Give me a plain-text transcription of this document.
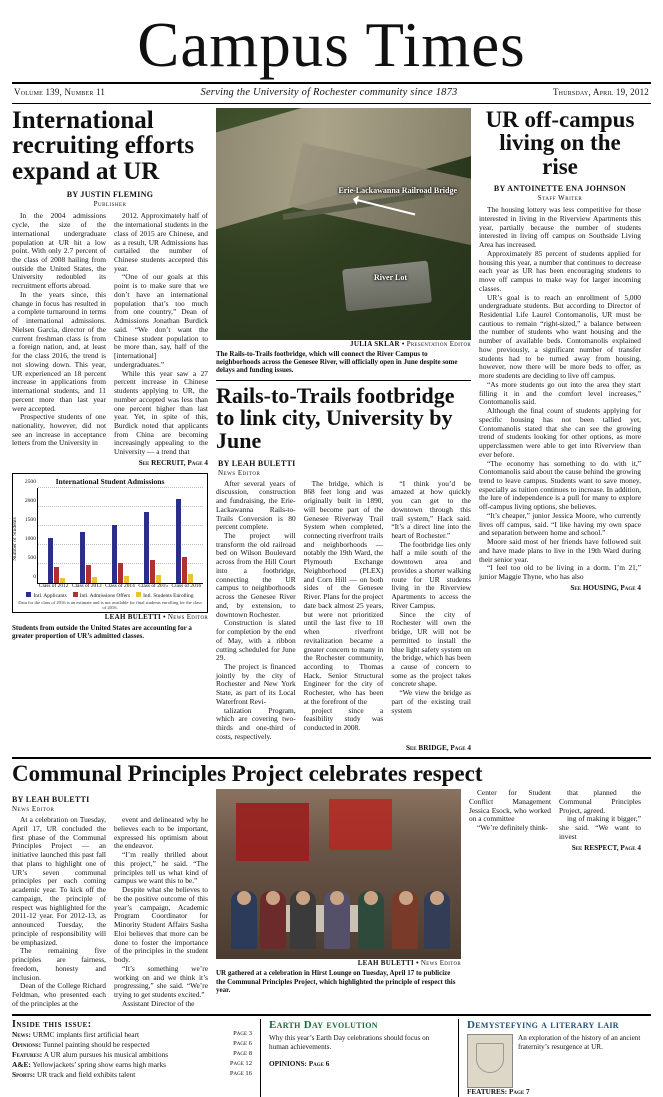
Campus Times
Volume 139, Number 11	Serving the University of Rochester community since 1873	Thursday, April 19, 2012
International recruiting efforts expand at UR
BY JUSTIN FLEMING
Publisher

In the 2004 admissions cycle, the size of the international undergraduate population at UR hit a low point. With only 2.7 percent of the class of 2008 hailing from outside the United States, the University redoubled its recruitment efforts abroad.

In the years since, this change in focus has resulted in a complete turnaround in terms of international admissions. Nielsen Garcia, director of the current freshman class is from a foreign nation, and, at least for the class 2016, the trend is not slowing down. This year, UR experienced an 18 percent increase in applications from international students, and 11 percent more than last year were accepted.

Prospective students of one nationality, however, did not see an increase in acceptance letters from the University in

2012. Approximately half of the international students in the class of 2015 are Chinese, and as a result, UR Admissions has curtailed the number of Chinese students accepted this year.

“One of our goals at this point is to make sure that we don’t have an international population that’s too much from one country,” Dean of Admissions Jonathan Burdick said. “We don’t want the Chinese student population to be more than, say, half of the [international] undergraduates.”

While this year saw a 27 percent increase in Chinese students applying to UR, the number accepted was less than one percent higher than last year. Yet, in spite of this, Burdick noted that applicants from China are becoming increasingly appealing to the University — a trend that

See RECRUIT, Page 4
International Student Admissions
0
500
1000
1500
2000
2500
Number of Students
Class of 2012 Class of 2013 Class of 2014 Class of 2015 Class of 2016
Intl. Applicants	Intl. Admissions Offers	Intl. Students Enrolling
Data for the class of 2016 is an estimate and is not available for final students enrolling for the class of 2016.
LEAH BULETTI • News Editor
Students from outside the United States are accounting for a greater proportion of UR’s admitted classes.
Erie-Lackawanna Railroad Bridge
River Lot
JULIA SKLAR • Presentation Editor
The Rails-to-Trails footbridge, which will connect the River Campus to neighborhoods across the Genesee River, will officially open in June despite some delays and funding issues.
Rails-to-Trails footbridge to link city, University by June
BY LEAH BULETTI
News Editor

After several years of discussion, construction and fundraising, the Erie-Lackawanna Rails-to-Trails Conversion is 80 percent complete.

The project will transform the old railroad bed on Wilson Boulevard across from the Hill Court into a footbridge, connecting the UR campus to neighborhoods across the Genesee River and, by extension, to downtown Rochester.

Construction is slated for completion by the end of May, with a ribbon cutting scheduled for June 29.

The project is financed jointly by the city of Rochester and New York State, as part of its Local Waterfront Revi-

talization Program, which are covering two-thirds and one-third of costs, respectively.

The bridge, which is 868 feet long and was originally built in 1890, will become part of the Genesee Riverway Trail System when completed, connecting riverfront trails and neighborhoods — notably the 19th Ward, the Plymouth Exchange Neighborhood (PLEX) and Corn Hill — on both sides of the Genesee River. Plans for the project date back almost 25 years, but were not prioritized until the last five to 10 when riverfront revitalization became a greater concern to many in the Rochester community, according to Thomas Hack, Senior Structural Engineer for the city of Rochester, who has been at the forefront of the

project since a feasibility study was conducted in 2008.

“I think you’d be amazed at how quickly you can get to the downtown through this trail system,” Hack said. “It’s a direct line into the heart of Rochester.”

The footbridge lies only half a mile south of the downtown area and provides a shorter walking route for UR students living in the Riverview Apartments to access the River Campus.

Since the city of Rochester will own the bridge, UR will not be permitted to install the blue light safety system on the bridge, which has been a cause of concern to some as the project takes concrete shape.

“We view the bridge as part of the existing trail system

See BRIDGE, Page 4
UR off-campus living on the rise
BY ANTOINETTE ENA JOHNSON
Staff Writer

The housing lottery was less competitive for those interested in living in the Riverview Apartments this year, partially because the number of students interested in living off campus on Southside Living Area has increased.

Approximately 85 percent of students applied for housing this year, a number that continues to decrease each year as UR has been encouraging students to move off campus to make way for larger incoming classes.

UR’s goal is to reach an enrollment of 5,000 undergraduate students. But according to Director of Residential Life Laurel Contomanolis, UR must be cautious to remain “right-sized,” a balance between the number of students who want housing and the number of available beds. Contomanolis explained how previously, a significant number of transfer students had to be turned away from housing, however, now there will be more beds to offer, as more students are deciding to live off campus.

“As more students go out into the area they start filling it in and the comfort level increases,” Contomanolis said.

Although the final count of students applying for specific housing has not been tallied yet, Contomanolis stated that she can see the growing trend of students looking for other options, as more upperclassmen were able to get into Riverview than ever before.

“The economy has something to do with it,” Contomanolis said about the cause behind the growing trend to leave campus. Students want to save money, especially as tuition continues to increase. In addition, the lure of independence is a pull for many to explore off-campus living options, she believes.

“It’s cheaper,” junior Jessica Moore, who currently lives off campus, said. “I like having my own space and separation between home and school.”

Moore said most of her friends have followed suit and have made plans to live in the 19th Ward during their senior year.

“I feel too old to be living in a dorm. I’m 21,” junior Maggie Thyne, who has also

See HOUSING, Page 4
Communal Principles Project celebrates respect
BY LEAH BULETTI
News Editor

At a celebration on Tuesday, April 17, UR concluded the first phase of the Communal Principles Project — an initiative launched this past fall that plans to highlight one of UR’s seven communal principles per each coming academic year. To kick off the campaign, the principle of respect was highlighted for the 2011-12 year. For 2012-13, as announced Tuesday, the principle of responsibility will be emphasized.

The remaining five principles are fairness, freedom, honesty and inclusion.

Dean of the College Richard Feldman, who presented each of the principles at the

event and delineated why he believes each to be important, expressed his optimism about the endeavor.

“I’m really thrilled about this project,” he said. “The principles tell us what kind of campus we want this to be.”

Despite what she believes to be the positive outcome of this year’s campaign, Academic Program Coordinator for Minority Student Affairs Sasha Eloi believes that more can be done to foster the importance of the principles in the student body.

“It’s something we’re working on and we think it’s progressing,” she said. “We’re trying to get students excited.”

Assistant Director of the

LEAH BULETTI • News Editor
UR gathered at a celebration in Hirst Lounge on Tuesday, April 17 to publicize the Communal Principles Project, which highlighted the principle of respect this year.

Center for Student Conflict Management Jessica Esock, who worked on a committee

“We’re definitely think-

that planned the Communal Principles Project, agreed.

ing of making it bigger,” she said. “We want to invest

See RESPECT, Page 4
Inside this issue:
News: URMC implants first artificial heart	Page 3
Opinions: Tunnel painting should be respected	Page 6
Features: A UR alum pursues his musical ambitions	Page 8
A&E: Yellowjackets’ spring show earns high marks	Page 12
Sports: UR track and field exhibits talent	Page 16
Earth Day evolution
Why this year’s Earth Day celebrations should focus on human achievements.
OPINIONS: Page 6
Demystefying a literary lair
An exploration of the history of an ancient fraternity’s resurgence at UR.
FEATURES: Page 7
